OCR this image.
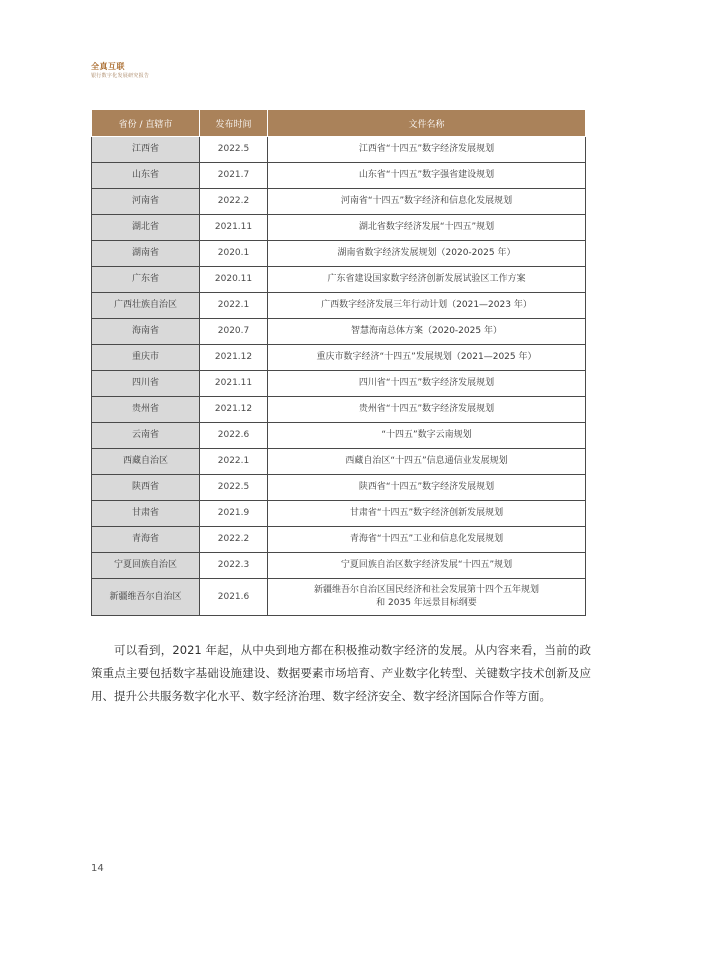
全真互联
银行数字化发展研究报告
省份 / 直辖市	发布时间	文件名称
江西省	2022.5	江西省“十四五”数字经济发展规划

山东省	2021.7	山东省“十四五”数字强省建设规划

河南省	2022.2	河南省“十四五”数字经济和信息化发展规划

湖北省	2021.11	湖北省数字经济发展“十四五”规划

湖南省	2020.1	湖南省数字经济发展规划（2020-2025 年）

广东省	2020.11	广东省建设国家数字经济创新发展试验区工作方案

广西壮族自治区	2022.1	广西数字经济发展三年行动计划（2021—2023 年）

海南省	2020.7	智慧海南总体方案（2020-2025 年）

重庆市	2021.12	重庆市数字经济“十四五”发展规划（2021—2025 年）

四川省	2021.11	四川省“十四五”数字经济发展规划

贵州省	2021.12	贵州省“十四五”数字经济发展规划

云南省	2022.6	“十四五”数字云南规划

西藏自治区	2022.1	西藏自治区“十四五”信息通信业发展规划

陕西省	2022.5	陕西省“十四五”数字经济发展规划

甘肃省	2021.9	甘肃省“十四五”数字经济创新发展规划

青海省	2022.2	青海省“十四五”工业和信息化发展规划

宁夏回族自治区	2022.3	宁夏回族自治区数字经济发展“十四五”规划

新疆维吾尔自治区	2021.6	新疆维吾尔自治区国民经济和社会发展第十四个五年规划
和 2035 年远景目标纲要

可以看到，2021 年起，从中央到地方都在积极推动数字经济的发展。从内容来看，当前的政策重点主要包括数字基础设施建设、数据要素市场培育、产业数字化转型、关键数字技术创新及应用、提升公共服务数字化水平、数字经济治理、数字经济安全、数字经济国际合作等方面。

14
